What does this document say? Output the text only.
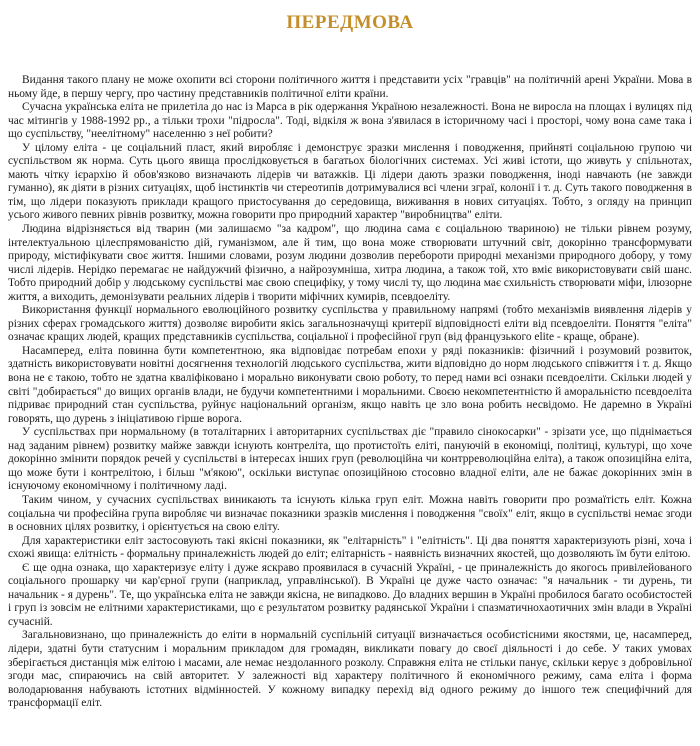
ПЕРЕДМОВА

Видання такого плану не може охопити всі сторони політичного життя і представити усіх "гравців" на політичній арені України. Мова в ньому йде, в першу чергу, про частину представників політичної еліти країни.

Сучасна українська еліта не прилетіла до нас із Марса в рік одержання Україною незалежності. Вона не виросла на площах і вулицях під час мітингів у 1988-1992 рр., а тільки трохи "підросла". Тоді, відкіля ж вона з'явилася в історичному часі і просторі, чому вона саме така і що суспільству, "неелітному" населенню з неї робити?

У цілому еліта - це соціальний пласт, який виробляє і демонструє зразки мислення і поводження, прийняті соціальною групою чи суспільством як норма. Суть цього явища прослідковується в багатьох біологічних системах. Усі живі істоти, що живуть у спільнотах, мають чітку ієрархію й обов'язково визначають лідерів чи ватажків. Ці лідери дають зразки поводження, іноді навчають (не завжди гуманно), як діяти в різних ситуаціях, щоб інстинктів чи стереотипів дотримувалися всі члени зграї, колонії і т. д. Суть такого поводження в тім, що лідери показують приклади кращого пристосування до середовища, виживання в нових ситуаціях. Тобто, з огляду на принцип усього живого певних рівнів розвитку, можна говорити про природний характер "виробництва" еліти.

Людина відрізняється від тварин (ми залишаємо "за кадром", що людина сама є соціальною твариною) не тільки рівнем розуму, інтелектуальною цілеспрямованістю дій, гуманізмом, але й тим, що вона може створювати штучний світ, докорінно трансформувати природу, містифікувати своє життя. Іншими словами, розум людини дозволив перебороти природні механізми природного добору, у тому числі лідерів. Нерідко перемагає не найдужчий фізично, а найрозумніша, хитра людина, а також той, хто вміє використовувати свій шанс. Тобто природний добір у людському суспільстві має свою специфіку, у тому числі ту, що людина має схильність створювати міфи, ілюзорне життя, а виходить, демонізувати реальних лідерів і творити міфічних кумирів, псевдоеліту.

Використання функції нормального еволюційного розвитку суспільства у правильному напрямі (тобто механізмів виявлення лідерів у різних сферах громадського життя) дозволяє виробити якісь загальнозначущі критерії відповідності еліти від псевдоеліти. Поняття "еліта" означає кращих людей, кращих представників суспільства, соціальної і професійної груп (від французького elite - краще, обране).

Насамперед, еліта повинна бути компетентною, яка відповідає потребам епохи у ряді показників: фізичний і розумовий розвиток, здатність використовувати новітні досягнення технологій людського суспільства, жити відповідно до норм людського співжиття і т. д. Якщо вона не є такою, тобто не здатна кваліфіковано і морально виконувати свою роботу, то перед нами всі ознаки псевдоеліти. Скільки людей у світі "добирається" до вищих органів влади, не будучи компетентними і моральними. Своєю некомпетентністю й аморальністю псевдоеліта підриває природний стан суспільства, руйнує національний організм, якщо навіть це зло вона робить несвідомо. Не даремно в Україні говорять, що дурень з ініціативою гірше ворога.

У суспільствах при нормальному (в тоталітарних і авторитарних суспільствах діє "правило сінокосарки" - зрізати усе, що піднімається над заданим рівнем) розвитку майже завжди існують контреліта, що протистоїть еліті, пануючій в економіці, політиці, культурі, що хоче докорінно змінити порядок речей у суспільстві в інтересах інших груп (революційна чи контрреволюційна еліта), а також опозиційна еліта, що може бути і контрелітою, і більш "м'якою", оскільки виступає опозиційною стосовно владної еліти, але не бажає докорінних змін в існуючому економічному і політичному ладі.

Таким чином, у сучасних суспільствах виникають та існують кілька груп еліт. Можна навіть говорити про розмаїтість еліт. Кожна соціальна чи професійна група виробляє чи визначає показники зразків мислення і поводження "своїх" еліт, якщо в суспільстві немає згоди в основних цілях розвитку, і орієнтується на свою еліту.

Для характеристики еліт застосовують такі якісні показники, як "елітарність" і "елітність". Ці два поняття характеризують різні, хоча і схожі явища: елітність - формальну приналежність людей до еліт; елітарність - наявність визначних якостей, що дозволяють їм бути елітою.

Є ще одна ознака, що характеризує еліту і дуже яскраво проявилася в сучасній Україні, - це приналежність до якогось привілейованого соціального прошарку чи кар'єрної групи (наприклад, управлінської). В Україні це дуже часто означає: "я начальник - ти дурень, ти начальник - я дурень". Те, що українська еліта не завжди якісна, не випадково. До владних вершин в Україні пробилося багато особистостей і груп із зовсім не елітними характеристиками, що є результатом розвитку радянської України і спазматичнохаотичних змін влади в Україні сучасній.

Загальновизнано, що приналежність до еліти в нормальній суспільній ситуації визначається особистісними якостями, це, насамперед, лідери, здатні бути статусним і моральним прикладом для громадян, викликати повагу до своєї діяльності і до себе. У таких умовах зберігається дистанція між елітою і масами, але немає нездоланного розколу. Справжня еліта не стільки панує, скільки керує з добровільної згоди мас, спираючись на свій авторитет. У залежності від характеру політичного й економічного режиму, сама еліта і форма володарювання набувають істотних відмінностей. У кожному випадку перехід від одного режиму до іншого теж специфічний для трансформації еліт.
